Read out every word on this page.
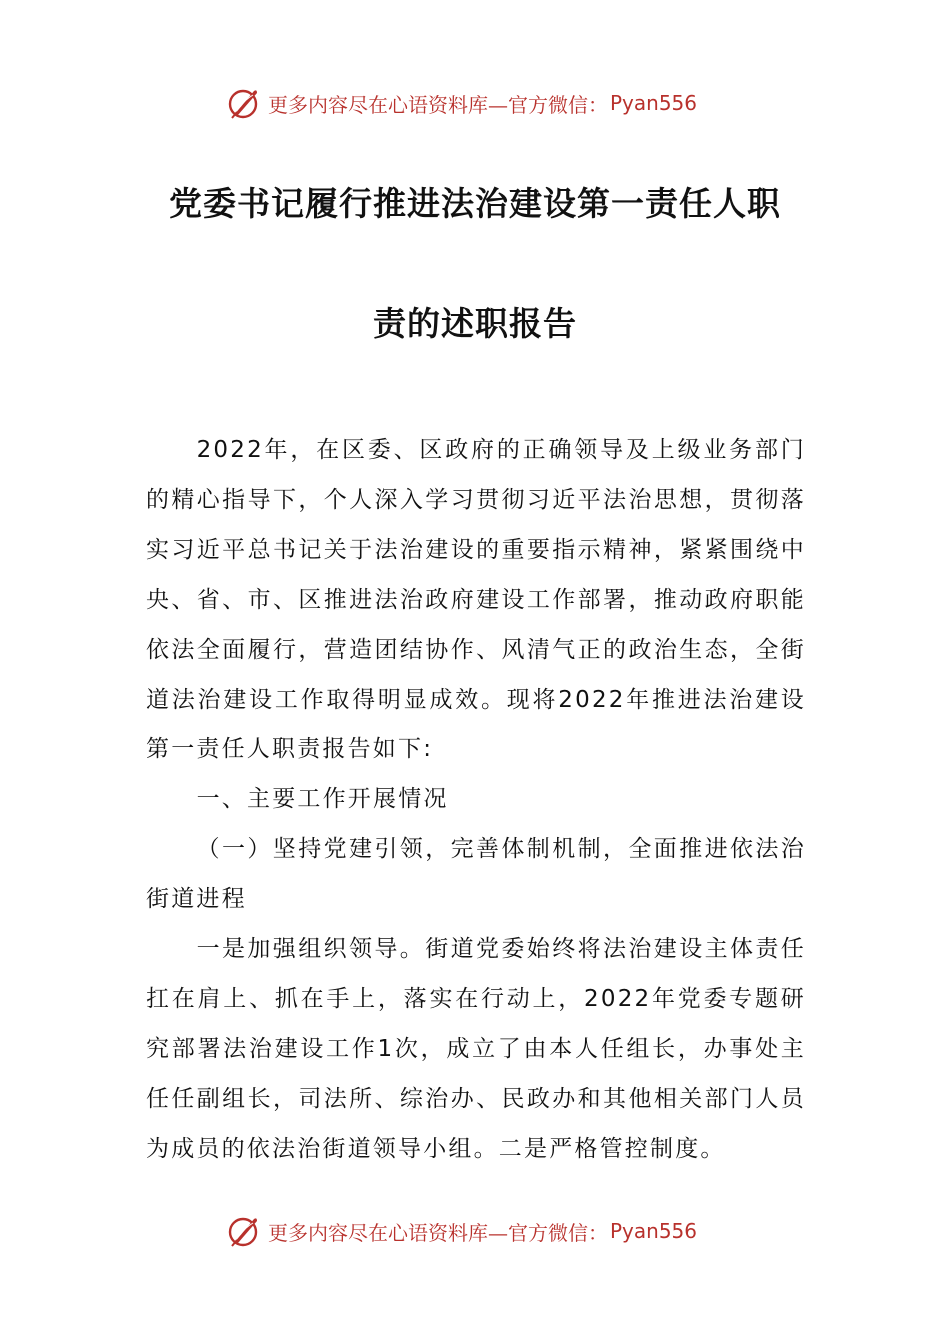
更多内容尽在心语资料库—官方微信： Pyan556
党委书记履行推进法治建设第一责任人职
责的述职报告

2022年，在区委、区政府的正确领导及上级业务部门的精心指导下，个人深入学习贯彻习近平法治思想，贯彻落实习近平总书记关于法治建设的重要指示精神，紧紧围绕中央、省、市、区推进法治政府建设工作部署，推动政府职能依法全面履行，营造团结协作、风清气正的政治生态，全街道法治建设工作取得明显成效。现将2022年推进法治建设第一责任人职责报告如下:

一、主要工作开展情况

（一）坚持党建引领，完善体制机制，全面推进依法治街道进程

一是加强组织领导。街道党委始终将法治建设主体责任扛在肩上、抓在手上，落实在行动上，2022年党委专题研究部署法治建设工作1次，成立了由本人任组长，办事处主任任副组长，司法所、综治办、民政办和其他相关部门人员为成员的依法治街道领导小组。二是严格管控制度。

更多内容尽在心语资料库—官方微信： Pyan556
